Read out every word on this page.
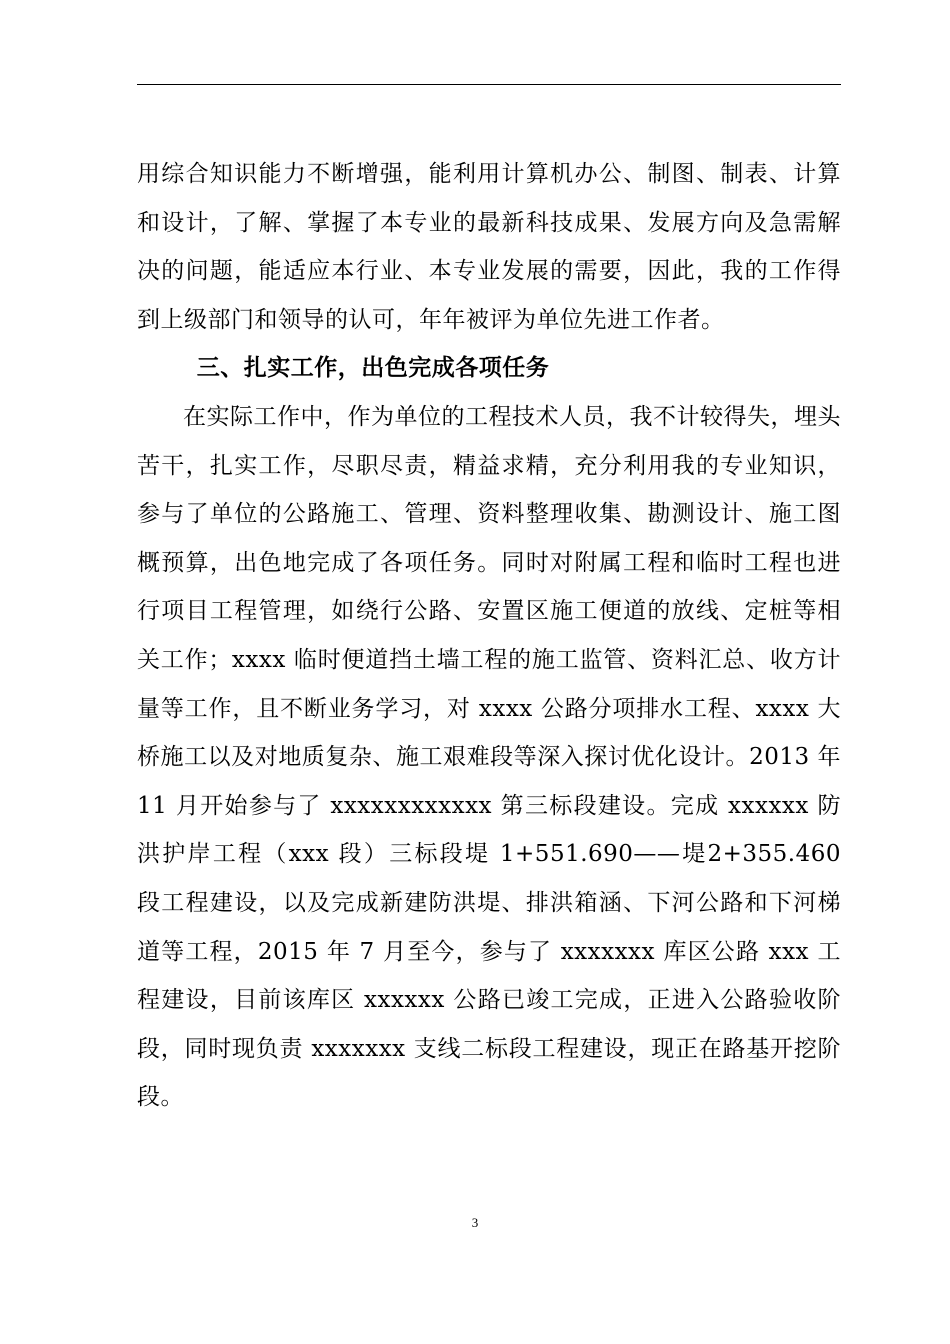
用综合知识能力不断增强，能利用计算机办公、制图、制表、计算和设计，了解、掌握了本专业的最新科技成果、发展方向及急需解决的问题，能适应本行业、本专业发展的需要，因此，我的工作得到上级部门和领导的认可，年年被评为单位先进工作者。

三、扎实工作，出色完成各项任务

在实际工作中，作为单位的工程技术人员，我不计较得失，埋头苦干，扎实工作，尽职尽责，精益求精，充分利用我的专业知识，参与了单位的公路施工、管理、资料整理收集、勘测设计、施工图概预算，出色地完成了各项任务。同时对附属工程和临时工程也进行项目工程管理，如绕行公路、安置区施工便道的放线、定桩等相关工作；xxxx 临时便道挡土墙工程的施工监管、资料汇总、收方计量等工作，且不断业务学习，对 xxxx 公路分项排水工程、xxxx 大桥施工以及对地质复杂、施工艰难段等深入探讨优化设计。2013 年 11 月开始参与了 xxxxxxxxxxxx 第三标段建设。完成 xxxxxx 防洪护岸工程（xxx 段）三标段堤 1+551.690——堤2+355.460 段工程建设，以及完成新建防洪堤、排洪箱涵、下河公路和下河梯道等工程，2015 年 7 月至今，参与了 xxxxxxx 库区公路 xxx 工程建设，目前该库区 xxxxxx 公路已竣工完成，正进入公路验收阶段，同时现负责 xxxxxxx 支线二标段工程建设，现正在路基开挖阶段。

3
